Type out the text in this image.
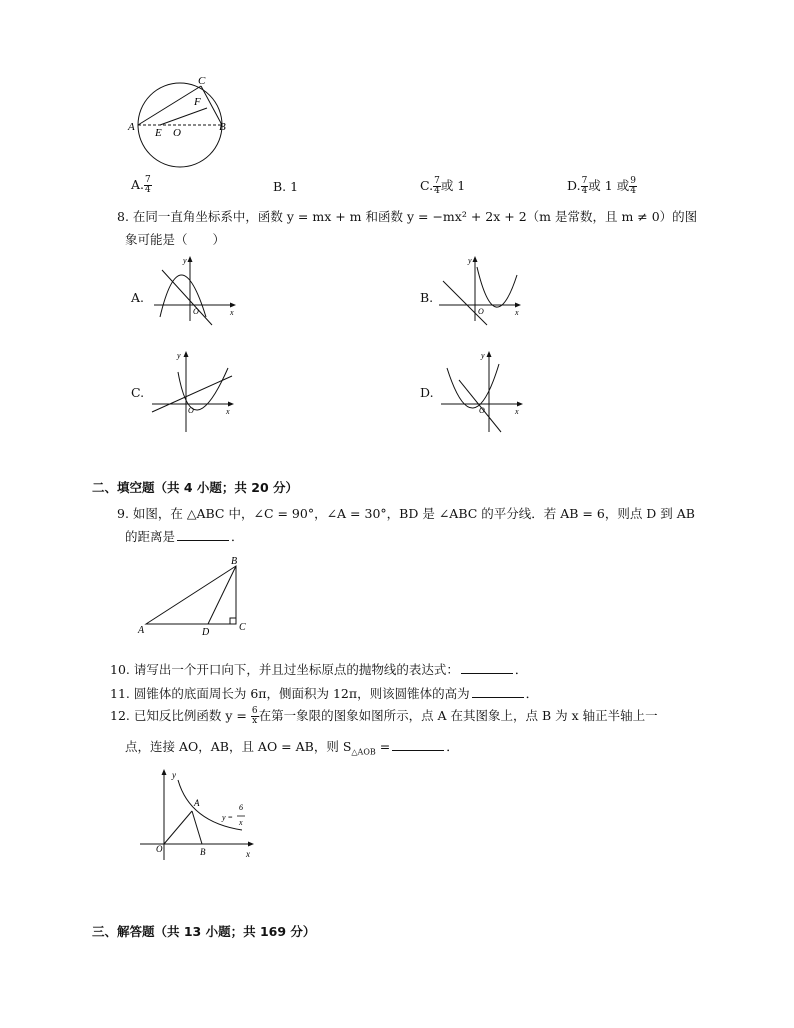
A E O	B
C
F
A. $\frac{7}{4}$	B. 1	C. $\frac{7}{4}$ 或 1	D. $\frac{7}{4}$ 或 1 或 $\frac{9}{4}$
8. 在同一直角坐标系中，函数 y = mx + m 和函数 y = −mx² + 2x + 2（m 是常数，且 m ≠ 0）的图
象可能是（　　）
A.
y
x
O
B.
y
x
O
C.
y
x
O
D.
y
x
O
二、填空题（共 4 小题；共 20 分）
9. 如图，在 △ABC 中，∠C = 90°，∠A = 30°，BD 是 ∠ABC 的平分线．若 AB = 6，则点 D 到 AB
的距离是	．
A
B
C
D
10. 请写出一个开口向下，并且过坐标原点的抛物线的表达式：	．
11. 圆锥体的底面周长为 6π，侧面积为 12π，则该圆锥体的高为	．
12. 已知反比例函数 $y = \frac{6}{x}$ 在第一象限的图象如图所示，点 A 在其图象上，点 B 为 x 轴正半轴上一
点，连接 AO，AB，且 AO = AB，则 $S_{\triangle AOB}$ =	．
y
O
A
B	x
y =
6
x
三、解答题（共 13 小题；共 169 分）
